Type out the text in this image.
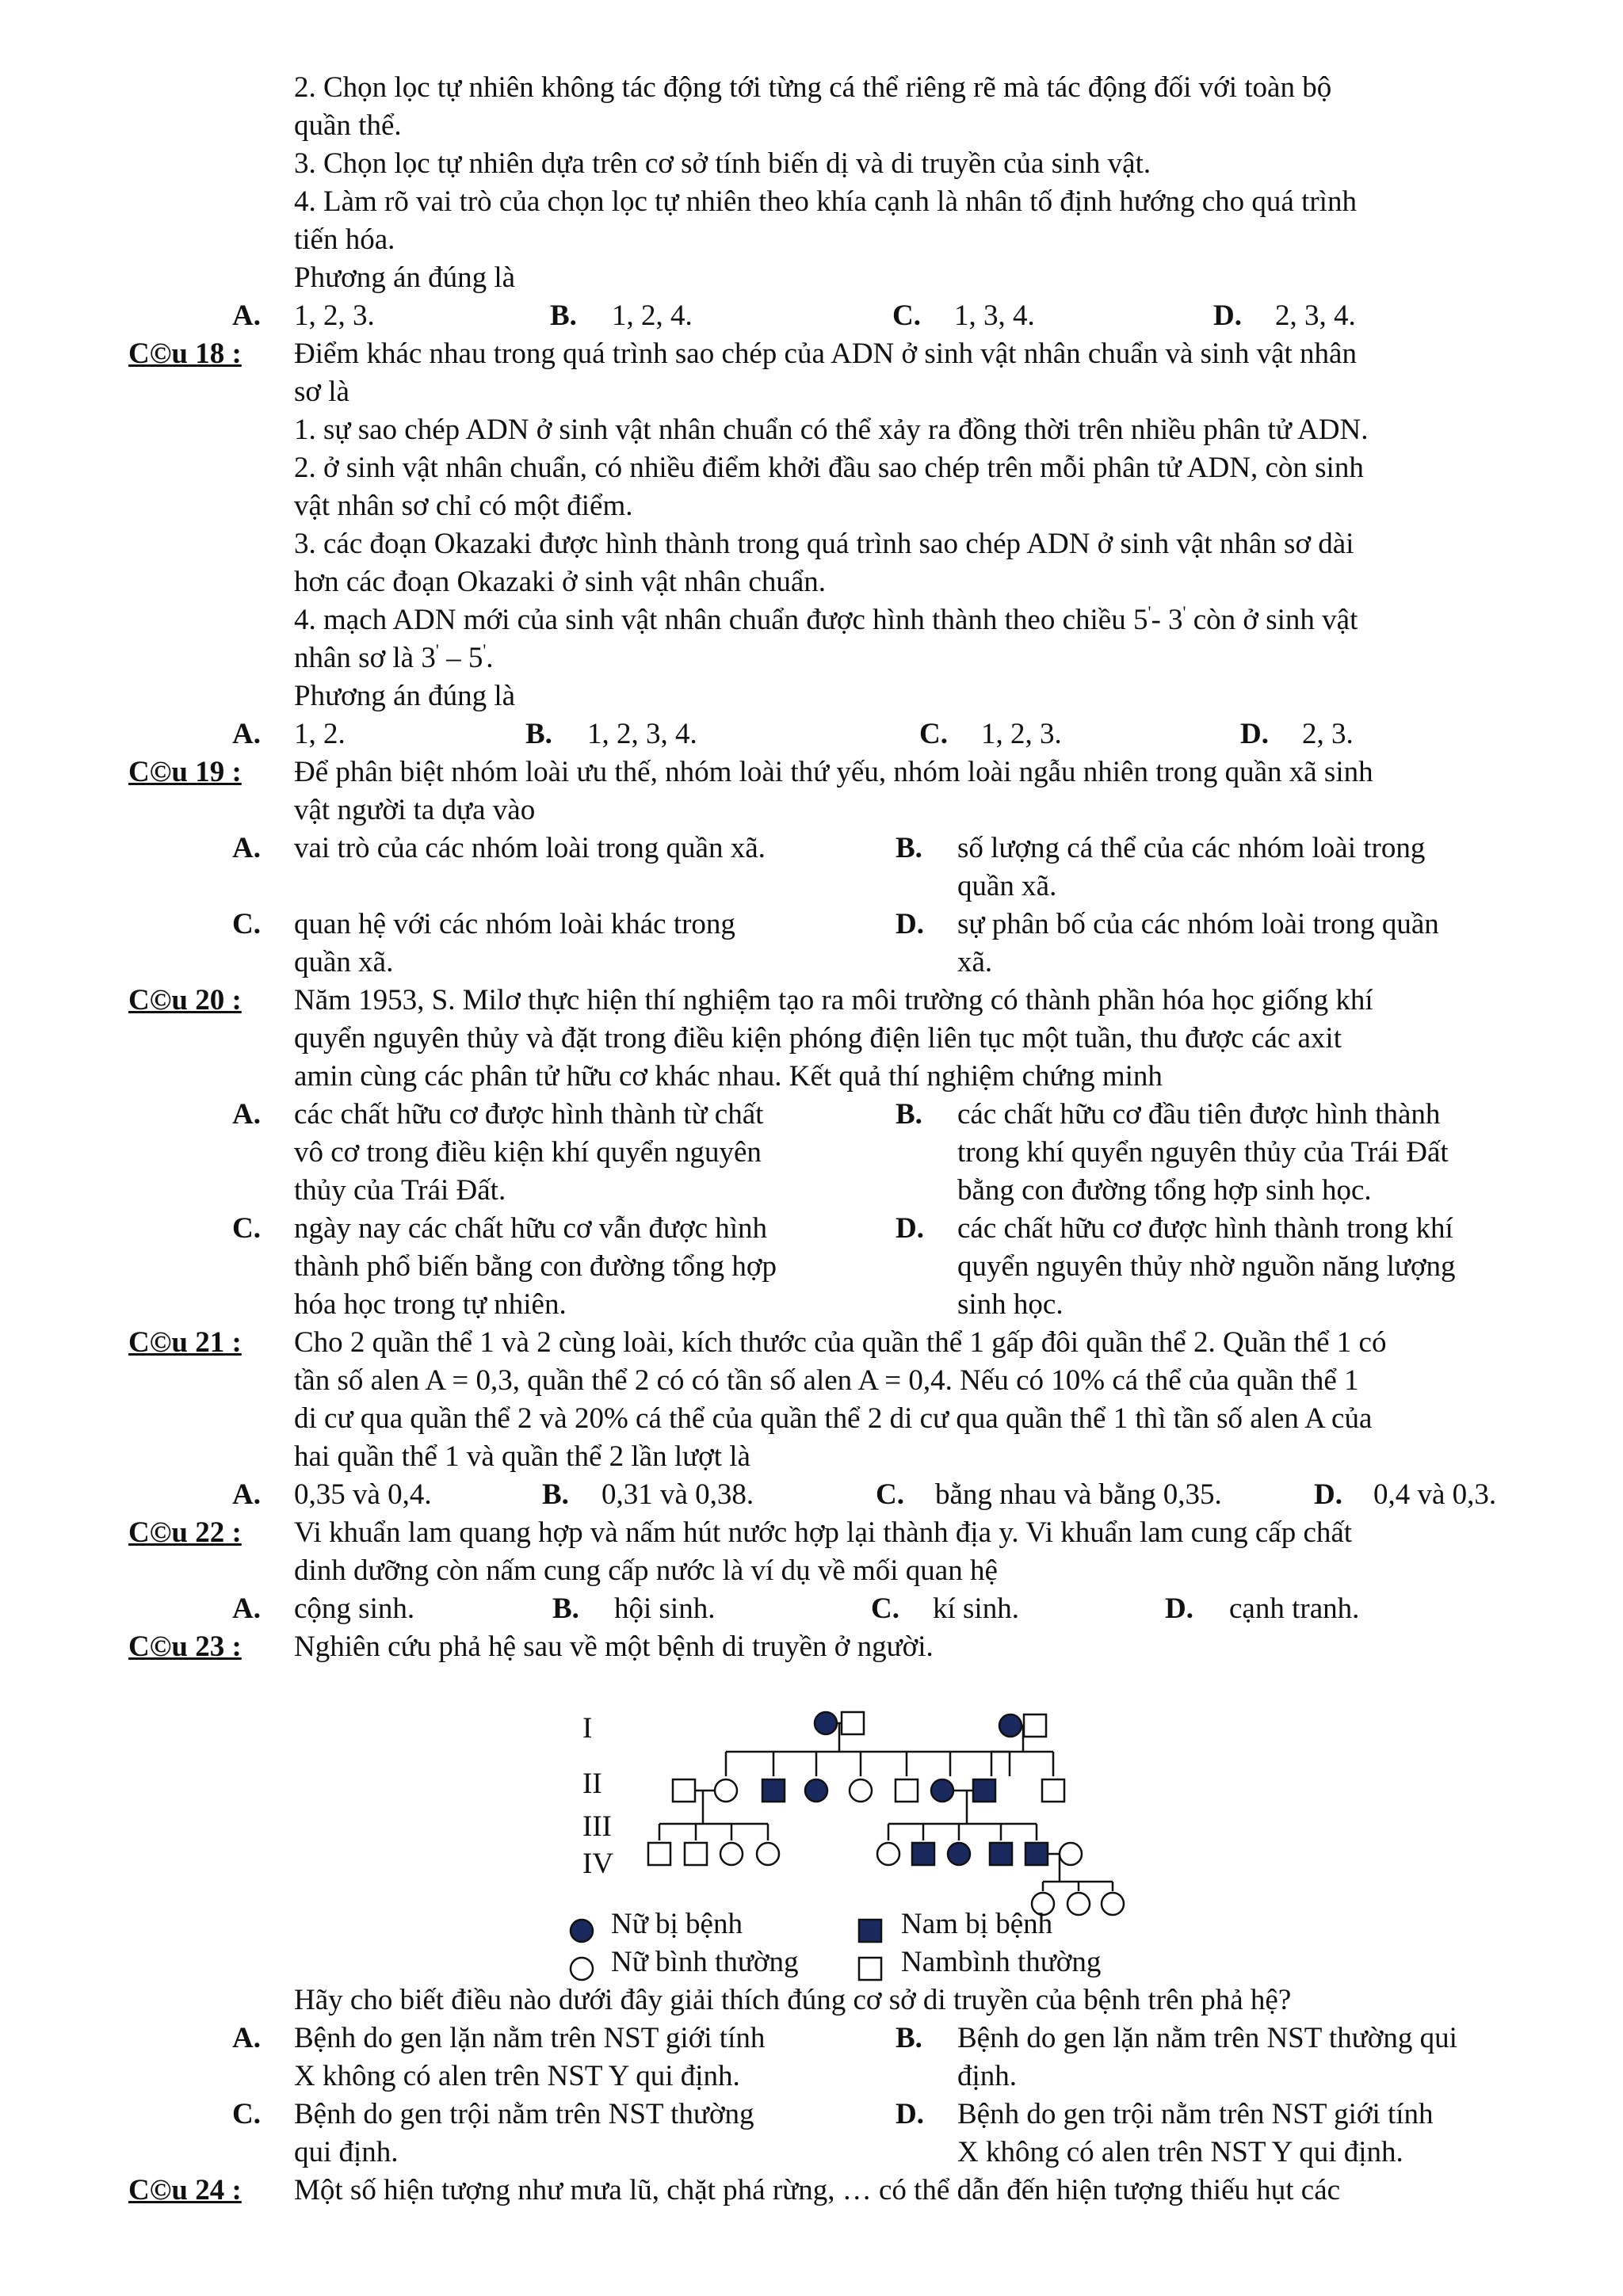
2. Chọn lọc tự nhiên không tác động tới từng cá thể riêng rẽ mà tác động đối với toàn bộ
quần thể.
3. Chọn lọc tự nhiên dựa trên cơ sở tính biến dị và di truyền của sinh vật.
4. Làm rõ vai trò của chọn lọc tự nhiên theo khía cạnh là nhân tố định hướng cho quá trình
tiến hóa.
Phương án đúng là
A. 1, 2, 3.	B. 1, 2, 4.	C. 1, 3, 4.	D. 2, 3, 4.
C©u 18 : Điểm khác nhau trong quá trình sao chép của ADN ở sinh vật nhân chuẩn và sinh vật nhân
sơ là
1. sự sao chép ADN ở sinh vật nhân chuẩn có thể xảy ra đồng thời trên nhiều phân tử ADN.
2. ở sinh vật nhân chuẩn, có nhiều điểm khởi đầu sao chép trên mỗi phân tử ADN, còn sinh
vật nhân sơ chỉ có một điểm.
3. các đoạn Okazaki được hình thành trong quá trình sao chép ADN ở sinh vật nhân sơ dài
hơn các đoạn Okazaki ở sinh vật nhân chuẩn.
4. mạch ADN mới của sinh vật nhân chuẩn được hình thành theo chiều 5'- 3' còn ở sinh vật
nhân sơ là 3' – 5'.
Phương án đúng là
A. 1, 2.	B. 1, 2, 3, 4.	C. 1, 2, 3.	D. 2, 3.
C©u 19 : Để phân biệt nhóm loài ưu thế, nhóm loài thứ yếu, nhóm loài ngẫu nhiên trong quần xã sinh
vật người ta dựa vào
A. vai trò của các nhóm loài trong quần xã.	B. số lượng cá thể của các nhóm loài trong
quần xã.
C. quan hệ với các nhóm loài khác trong
quần xã.
D. sự phân bố của các nhóm loài trong quần
xã.
C©u 20 : Năm 1953, S. Milơ thực hiện thí nghiệm tạo ra môi trường có thành phần hóa học giống khí
quyển nguyên thủy và đặt trong điều kiện phóng điện liên tục một tuần, thu được các axit
amin cùng các phân tử hữu cơ khác nhau. Kết quả thí nghiệm chứng minh
A. các chất hữu cơ được hình thành từ chất
vô cơ trong điều kiện khí quyển nguyên
thủy của Trái Đất.
B. các chất hữu cơ đầu tiên được hình thành
trong khí quyển nguyên thủy của Trái Đất
bằng con đường tổng hợp sinh học.
C. ngày nay các chất hữu cơ vẫn được hình
thành phổ biến bằng con đường tổng hợp
hóa học trong tự nhiên.
D. các chất hữu cơ được hình thành trong khí
quyển nguyên thủy nhờ nguồn năng lượng
sinh học.
C©u 21 : Cho 2 quần thể 1 và 2 cùng loài, kích thước của quần thể 1 gấp đôi quần thể 2. Quần thể 1 có
tần số alen A = 0,3, quần thể 2 có có tần số alen A = 0,4. Nếu có 10% cá thể của quần thể 1
di cư qua quần thể 2 và 20% cá thể của quần thể 2 di cư qua quần thể 1 thì tần số alen A của
hai quần thể 1 và quần thể 2 lần lượt là
A. 0,35 và 0,4.	B. 0,31 và 0,38.	C. bằng nhau và bằng 0,35.	D. 0,4 và 0,3.
C©u 22 : Vi khuẩn lam quang hợp và nấm hút nước hợp lại thành địa y. Vi khuẩn lam cung cấp chất
dinh dưỡng còn nấm cung cấp nước là ví dụ về mối quan hệ
A. cộng sinh.	B. hội sinh.	C. kí sinh.	D. cạnh tranh.
C©u 23 : Nghiên cứu phả hệ sau về một bệnh di truyền ở người.
I
II
III
IV
Nữ bị bệnh	Nam bị bệnh
Nữ bình thường	Nambình thường
Hãy cho biết điều nào dưới đây giải thích đúng cơ sở di truyền của bệnh trên phả hệ?
A. Bệnh do gen lặn nằm trên NST giới tính
X không có alen trên NST Y qui định.
B. Bệnh do gen lặn nằm trên NST thường qui
định.
C. Bệnh do gen trội nằm trên NST thường
qui định.
D. Bệnh do gen trội nằm trên NST giới tính
X không có alen trên NST Y qui định.
C©u 24 : Một số hiện tượng như mưa lũ, chặt phá rừng, … có thể dẫn đến hiện tượng thiếu hụt các
